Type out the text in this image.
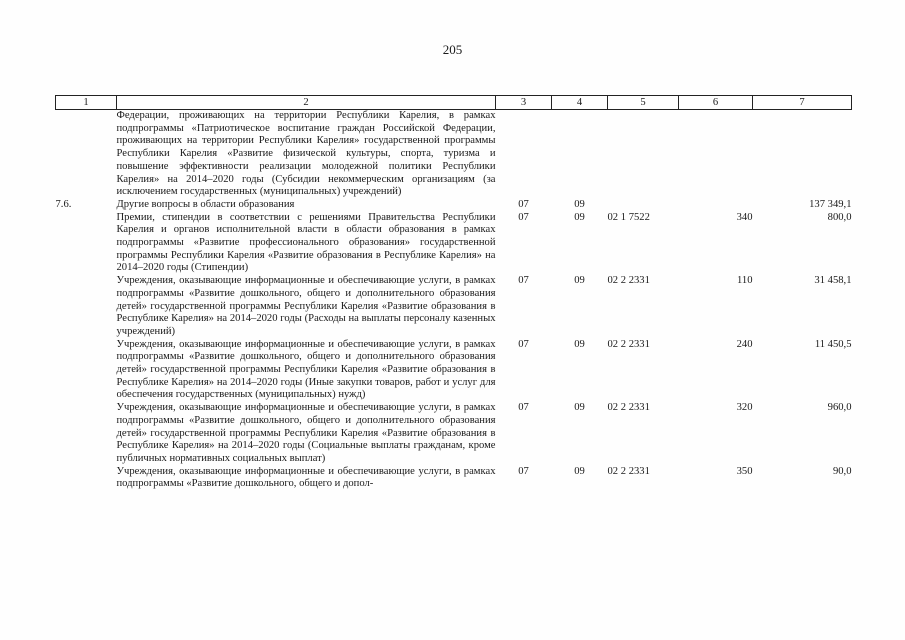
205
1	2	3	4	5	6	7
	Федерации, проживающих на территории Республики Карелия, в рамках подпрограммы «Патриотическое воспитание граждан Российской Федерации, проживающих на территории Республики Карелия» государственной программы Республики Карелия «Развитие физической культуры, спорта, туризма и повышение эффективности реализации молодежной политики Республики Карелия» на 2014–2020 годы (Субсидии некоммерческим организациям (за исключением государственных (муниципальных) учреждений)					
7.6.	Другие вопросы в области образования	07	09			137 349,1
	Премии, стипендии в соответствии с решениями Правительства Республики Карелия и органов исполнительной власти в области образования в рамках подпрограммы «Развитие профессионального образования» государственной программы Республики Карелия «Развитие образования в Республике Карелия» на 2014–2020 годы (Стипендии)	07	09	02 1 7522	340	800,0
	Учреждения, оказывающие информационные и обеспечивающие услуги, в рамках подпрограммы «Развитие дошкольного, общего и дополнительного образования детей» государственной программы Республики Карелия «Развитие образования в Республике Карелия» на 2014–2020 годы (Расходы на выплаты персоналу казенных учреждений)	07	09	02 2 2331	110	31 458,1
	Учреждения, оказывающие информационные и обеспечивающие услуги, в рамках подпрограммы «Развитие дошкольного, общего и дополнительного образования детей» государственной программы Республики Карелия «Развитие образования в Республике Карелия» на 2014–2020 годы (Иные закупки товаров, работ и услуг для обеспечения государственных (муниципальных) нужд)	07	09	02 2 2331	240	11 450,5
	Учреждения, оказывающие информационные и обеспечивающие услуги, в рамках подпрограммы «Развитие дошкольного, общего и дополнительного образования детей» государственной программы Республики Карелия «Развитие образования в Республике Карелия» на 2014–2020 годы (Социальные выплаты гражданам, кроме публичных нормативных социальных выплат)	07	09	02 2 2331	320	960,0
	Учреждения, оказывающие информационные и обеспечивающие услуги, в рамках подпрограммы «Развитие дошкольного, общего и допол-	07	09	02 2 2331	350	90,0
